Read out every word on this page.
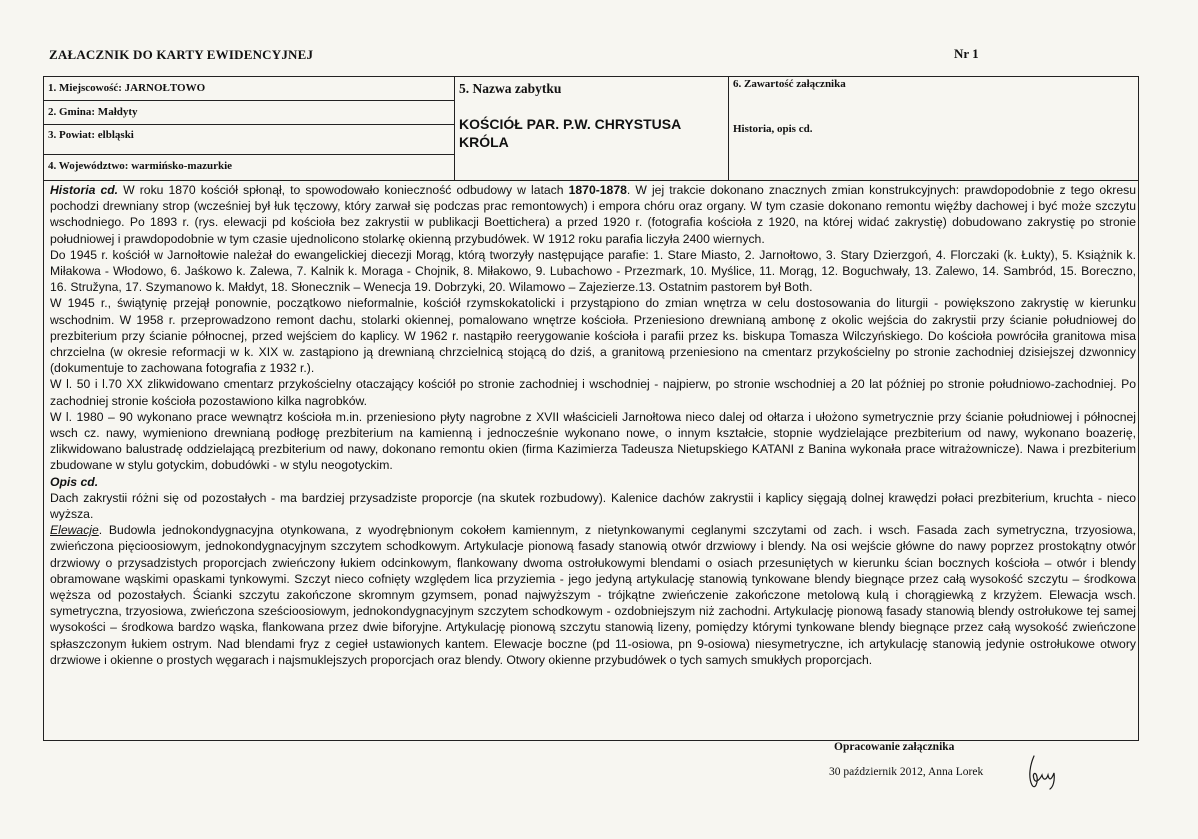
ZAŁACZNIK DO KARTY EWIDENCYJNEJ	Nr 1
1. Miejscowość: JARNOŁTOWO
2. Gmina: Małdyty
3. Powiat: elbląski
4. Województwo: warmińsko-mazurkie
5. Nazwa zabytku
KOŚCIÓŁ PAR. P.W. CHRYSTUSA KRÓLA
6. Zawartość załącznika
Historia, opis cd.

Historia cd. W roku 1870 kościół spłonął, to spowodowało konieczność odbudowy w latach 1870-1878. W jej trakcie dokonano znacznych zmian konstrukcyjnych: prawdopodobnie z tego okresu pochodzi drewniany strop (wcześniej był łuk tęczowy, który zarwał się podczas prac remontowych) i empora chóru oraz organy. W tym czasie dokonano remontu więźby dachowej i być może szczytu wschodniego. Po 1893 r. (rys. elewacji pd kościoła bez zakrystii w publikacji Boettichera) a przed 1920 r. (fotografia kościoła z 1920, na której widać zakrystię) dobudowano zakrystię po stronie południowej i prawdopodobnie w tym czasie ujednolicono stolarkę okienną przybudówek. W 1912 roku parafia liczyła 2400 wiernych.

Do 1945 r. kościół w Jarnołtowie należał do ewangelickiej diecezji Morąg, którą tworzyły następujące parafie: 1. Stare Miasto, 2. Jarnołtowo, 3. Stary Dzierzgoń, 4. Florczaki (k. Łukty), 5. Książnik k. Miłakowa - Włodowo, 6. Jaśkowo k. Zalewa, 7. Kalnik k. Moraga - Chojnik, 8. Miłakowo, 9. Lubachowo - Przezmark, 10. Myślice, 11. Morąg, 12. Boguchwały, 13. Zalewo, 14. Sambród, 15. Boreczno, 16. Stružyna, 17. Szymanowo k. Małdyt, 18. Słonecznik – Wenecja 19. Dobrzyki, 20. Wilamowo – Zajezierze.13. Ostatnim pastorem był Both.

W 1945 r., świątynię przejął ponownie, początkowo nieformalnie, kościół rzymskokatolicki i przystąpiono do zmian wnętrza w celu dostosowania do liturgii - powiększono zakrystię w kierunku wschodnim. W 1958 r. przeprowadzono remont dachu, stolarki okiennej, pomalowano wnętrze kościoła. Przeniesiono drewnianą ambonę z okolic wejścia do zakrystii przy ścianie południowej do prezbiterium przy ścianie północnej, przed wejściem do kaplicy. W 1962 r. nastąpiło reerygowanie kościoła i parafii przez ks. biskupa Tomasza Wilczyńskiego. Do kościoła powróciła granitowa misa chrzcielna (w okresie reformacji w k. XIX w. zastąpiono ją drewnianą chrzcielnicą stojącą do dziś, a granitową przeniesiono na cmentarz przykościelny po stronie zachodniej dzisiejszej dzwonnicy (dokumentuje to zachowana fotografia z 1932 r.).

W l. 50 i l.70 XX zlikwidowano cmentarz przykościelny otaczający kościół po stronie zachodniej i wschodniej - najpierw, po stronie wschodniej a 20 lat później po stronie południowo-zachodniej. Po zachodniej stronie kościoła pozostawiono kilka nagrobków.

W l. 1980 – 90 wykonano prace wewnątrz kościoła m.in. przeniesiono płyty nagrobne z XVII właścicieli Jarnołtowa nieco dalej od ołtarza i ułożono symetrycznie przy ścianie południowej i północnej wsch cz. nawy, wymieniono drewnianą podłogę prezbiterium na kamienną i jednocześnie wykonano nowe, o innym kształcie, stopnie wydzielające prezbiterium od nawy, wykonano boazerię, zlikwidowano balustradę oddzielającą prezbiterium od nawy, dokonano remontu okien (firma Kazimierza Tadeusza Nietupskiego KATANI z Banina wykonała prace witrażownicze). Nawa i prezbiterium zbudowane w stylu gotyckim, dobudówki - w stylu neogotyckim.

Opis cd.

Dach zakrystii różni się od pozostałych - ma bardziej przysadziste proporcje (na skutek rozbudowy). Kalenice dachów zakrystii i kaplicy sięgają dolnej krawędzi połaci prezbiterium, kruchta - nieco wyższa.

Elewacje. Budowla jednokondygnacyjna otynkowana, z wyodrębnionym cokołem kamiennym, z nietynkowanymi ceglanymi szczytami od zach. i wsch. Fasada zach symetryczna, trzyosiowa, zwieńczona pięcioosiowym, jednokondygnacyjnym szczytem schodkowym. Artykulacje pionową fasady stanowią otwór drzwiowy i blendy. Na osi wejście główne do nawy poprzez prostokątny otwór drzwiowy o przysadzistych proporcjach zwieńczony łukiem odcinkowym, flankowany dwoma ostrołukowymi blendami o osiach przesuniętych w kierunku ścian bocznych kościoła – otwór i blendy obramowane wąskimi opaskami tynkowymi. Szczyt nieco cofnięty względem lica przyziemia - jego jedyną artykulację stanowią tynkowane blendy biegnące przez całą wysokość szczytu – środkowa węższa od pozostałych. Ścianki szczytu zakończone skromnym gzymsem, ponad najwyższym - trójkątne zwieńczenie zakończone metolową kulą i chorągiewką z krzyżem. Elewacja wsch. symetryczna, trzyosiowa, zwieńczona sześcioosiowym, jednokondygnacyjnym szczytem schodkowym - ozdobniejszym niż zachodni. Artykulację pionową fasady stanowią blendy ostrołukowe tej samej wysokości – środkowa bardzo wąska, flankowana przez dwie biforyjne. Artykulację pionową szczytu stanowią lizeny, pomiędzy którymi tynkowane blendy biegnące przez całą wysokość zwieńczone spłaszczonym łukiem ostrym. Nad blendami fryz z cegieł ustawionych kantem. Elewacje boczne (pd 11-osiowa, pn 9-osiowa) niesymetryczne, ich artykulację stanowią jedynie ostrołukowe otwory drzwiowe i okienne o prostych węgarach i najsmuklejszych proporcjach oraz blendy. Otwory okienne przybudówek o tych samych smukłych proporcjach.

Opracowanie załącznika
30 październik 2012, Anna Lorek
